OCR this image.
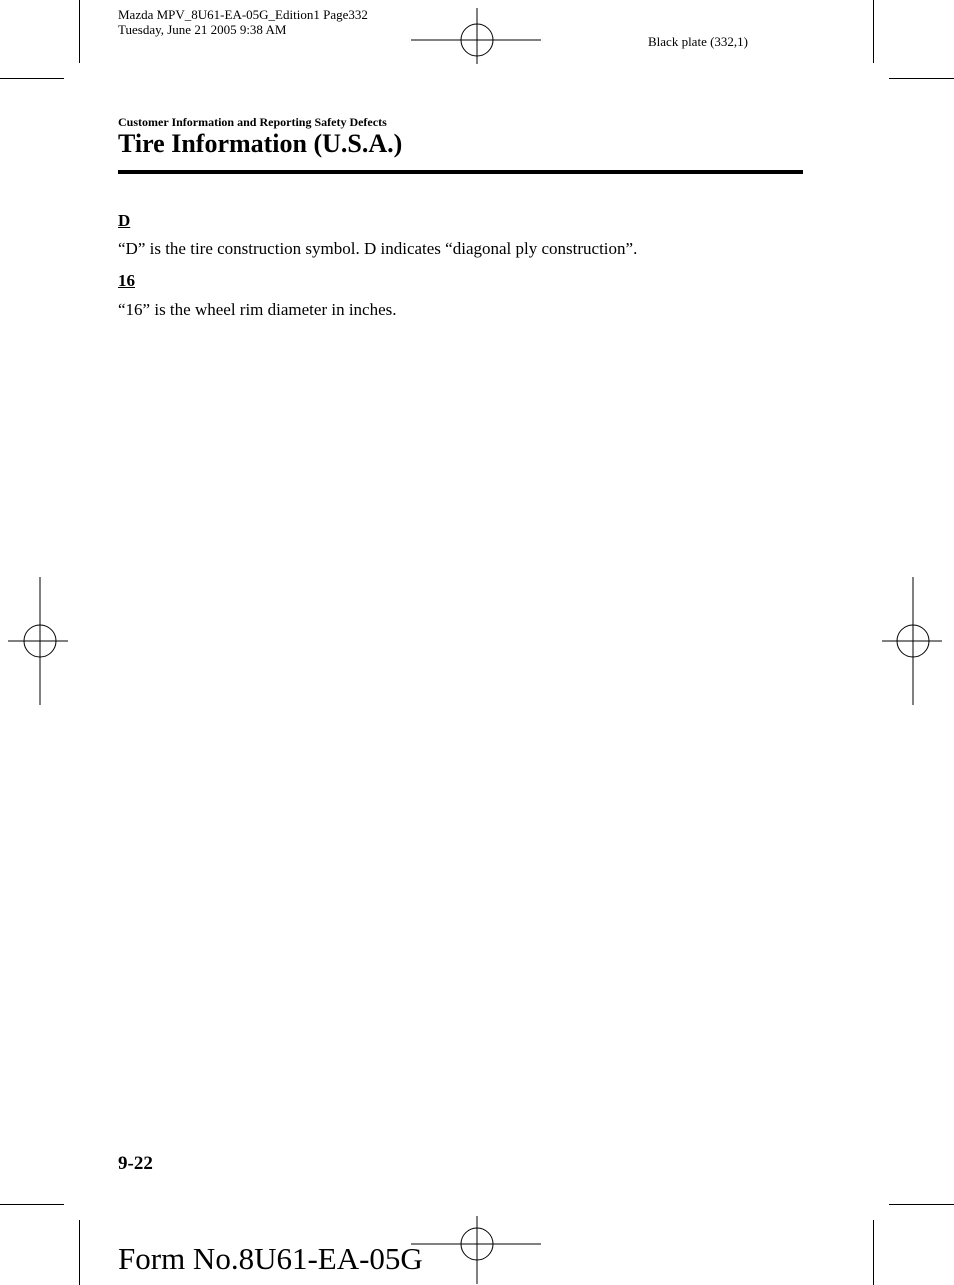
Mazda MPV_8U61-EA-05G_Edition1 Page332
Tuesday, June 21 2005 9:38 AM
Black plate (332,1)
Customer Information and Reporting Safety Defects
Tire Information (U.S.A.)
D
“D” is the tire construction symbol. D indicates “diagonal ply construction”.
16
“16” is the wheel rim diameter in inches.
9-22
Form No.8U61-EA-05G
